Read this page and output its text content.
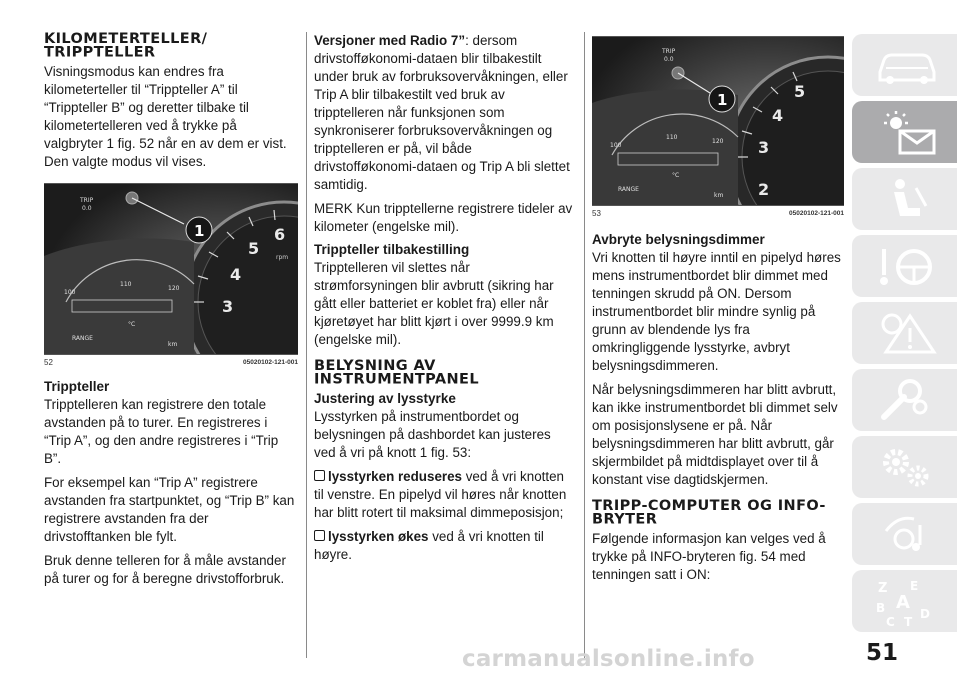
KILOMETERTELLER/ TRIPPTELLER

Visningsmodus kan endres fra kilometerteller til “Trippteller A” til “Trippteller B” og deretter tilbake til kilometertelleren ved å trykke på valgbryter 1 fig. 52 når en av dem er vist. Den valgte modus vil vises.

3
4
5
6
rpm
TRIP
0.0
1
100
110
120
°C
RANGE
km
52	05020102-121-001
Trippteller

Tripptelleren kan registrere den totale avstanden på to turer. En registreres i “Trip A”, og den andre registreres i “Trip B”.

For eksempel kan “Trip A” registrere avstanden fra startpunktet, og “Trip B” kan registrere avstanden fra der drivstofftanken ble fylt.

Bruk denne telleren for å måle avstander på turer og for å beregne drivstofforbruk.

Versjoner med Radio 7”: dersom drivstofføkonomi-dataen blir tilbakestilt under bruk av forbruksovervåkningen, eller Trip A blir tilbakestilt ved bruk av tripptelleren når funksjonen som synkroniserer forbruksovervåkningen og tripptelleren er på, vil både drivstofføkonomi-dataen og Trip A bli slettet samtidig.

MERK Kun tripptellerne registrere tideler av kilometer (engelske mil).

Trippteller tilbakestilling

Tripptelleren vil slettes når strømforsyningen blir avbrutt (sikring har gått eller batteriet er koblet fra) eller når kjøretøyet har blitt kjørt i over 9999.9 km (engelske mil).

BELYSNING AV INSTRUMENTPANEL
Justering av lysstyrke

Lysstyrken på instrumentbordet og belysningen på dashbordet kan justeres ved å vri på knott 1 fig. 53:

lysstyrken reduseres ved å vri knotten til venstre. En pipelyd vil høres når knotten har blitt rotert til maksimal dimmeposisjon;

lysstyrken økes ved å vri knotten til høyre.

2
3
4
5
TRIP
0.0
1
100
110
120
°C
RANGE
km
53	05020102-121-001
Avbryte belysningsdimmer

Vri knotten til høyre inntil en pipelyd høres mens instrumentbordet blir dimmet med tenningen skrudd på ON. Dersom instrumentbordet blir mindre synlig på grunn av blendende lys fra omkringliggende lysstyrke, avbryt belysningsdimmeren.

Når belysningsdimmeren har blitt avbrutt, kan ikke instrumentbordet bli dimmet selv om posisjonslysene er på. Når belysningsdimmeren har blitt avbrutt, går skjermbildet på midtdisplayet over til å konstant vise dagtidskjermen.

TRIPP-COMPUTER OG INFO-BRYTER

Følgende informasjon kan velges ved å trykke på INFO-bryteren fig. 54 med tenningen satt i ON:

Z E
A
B
C
D
T
51
carmanualsonline.info
